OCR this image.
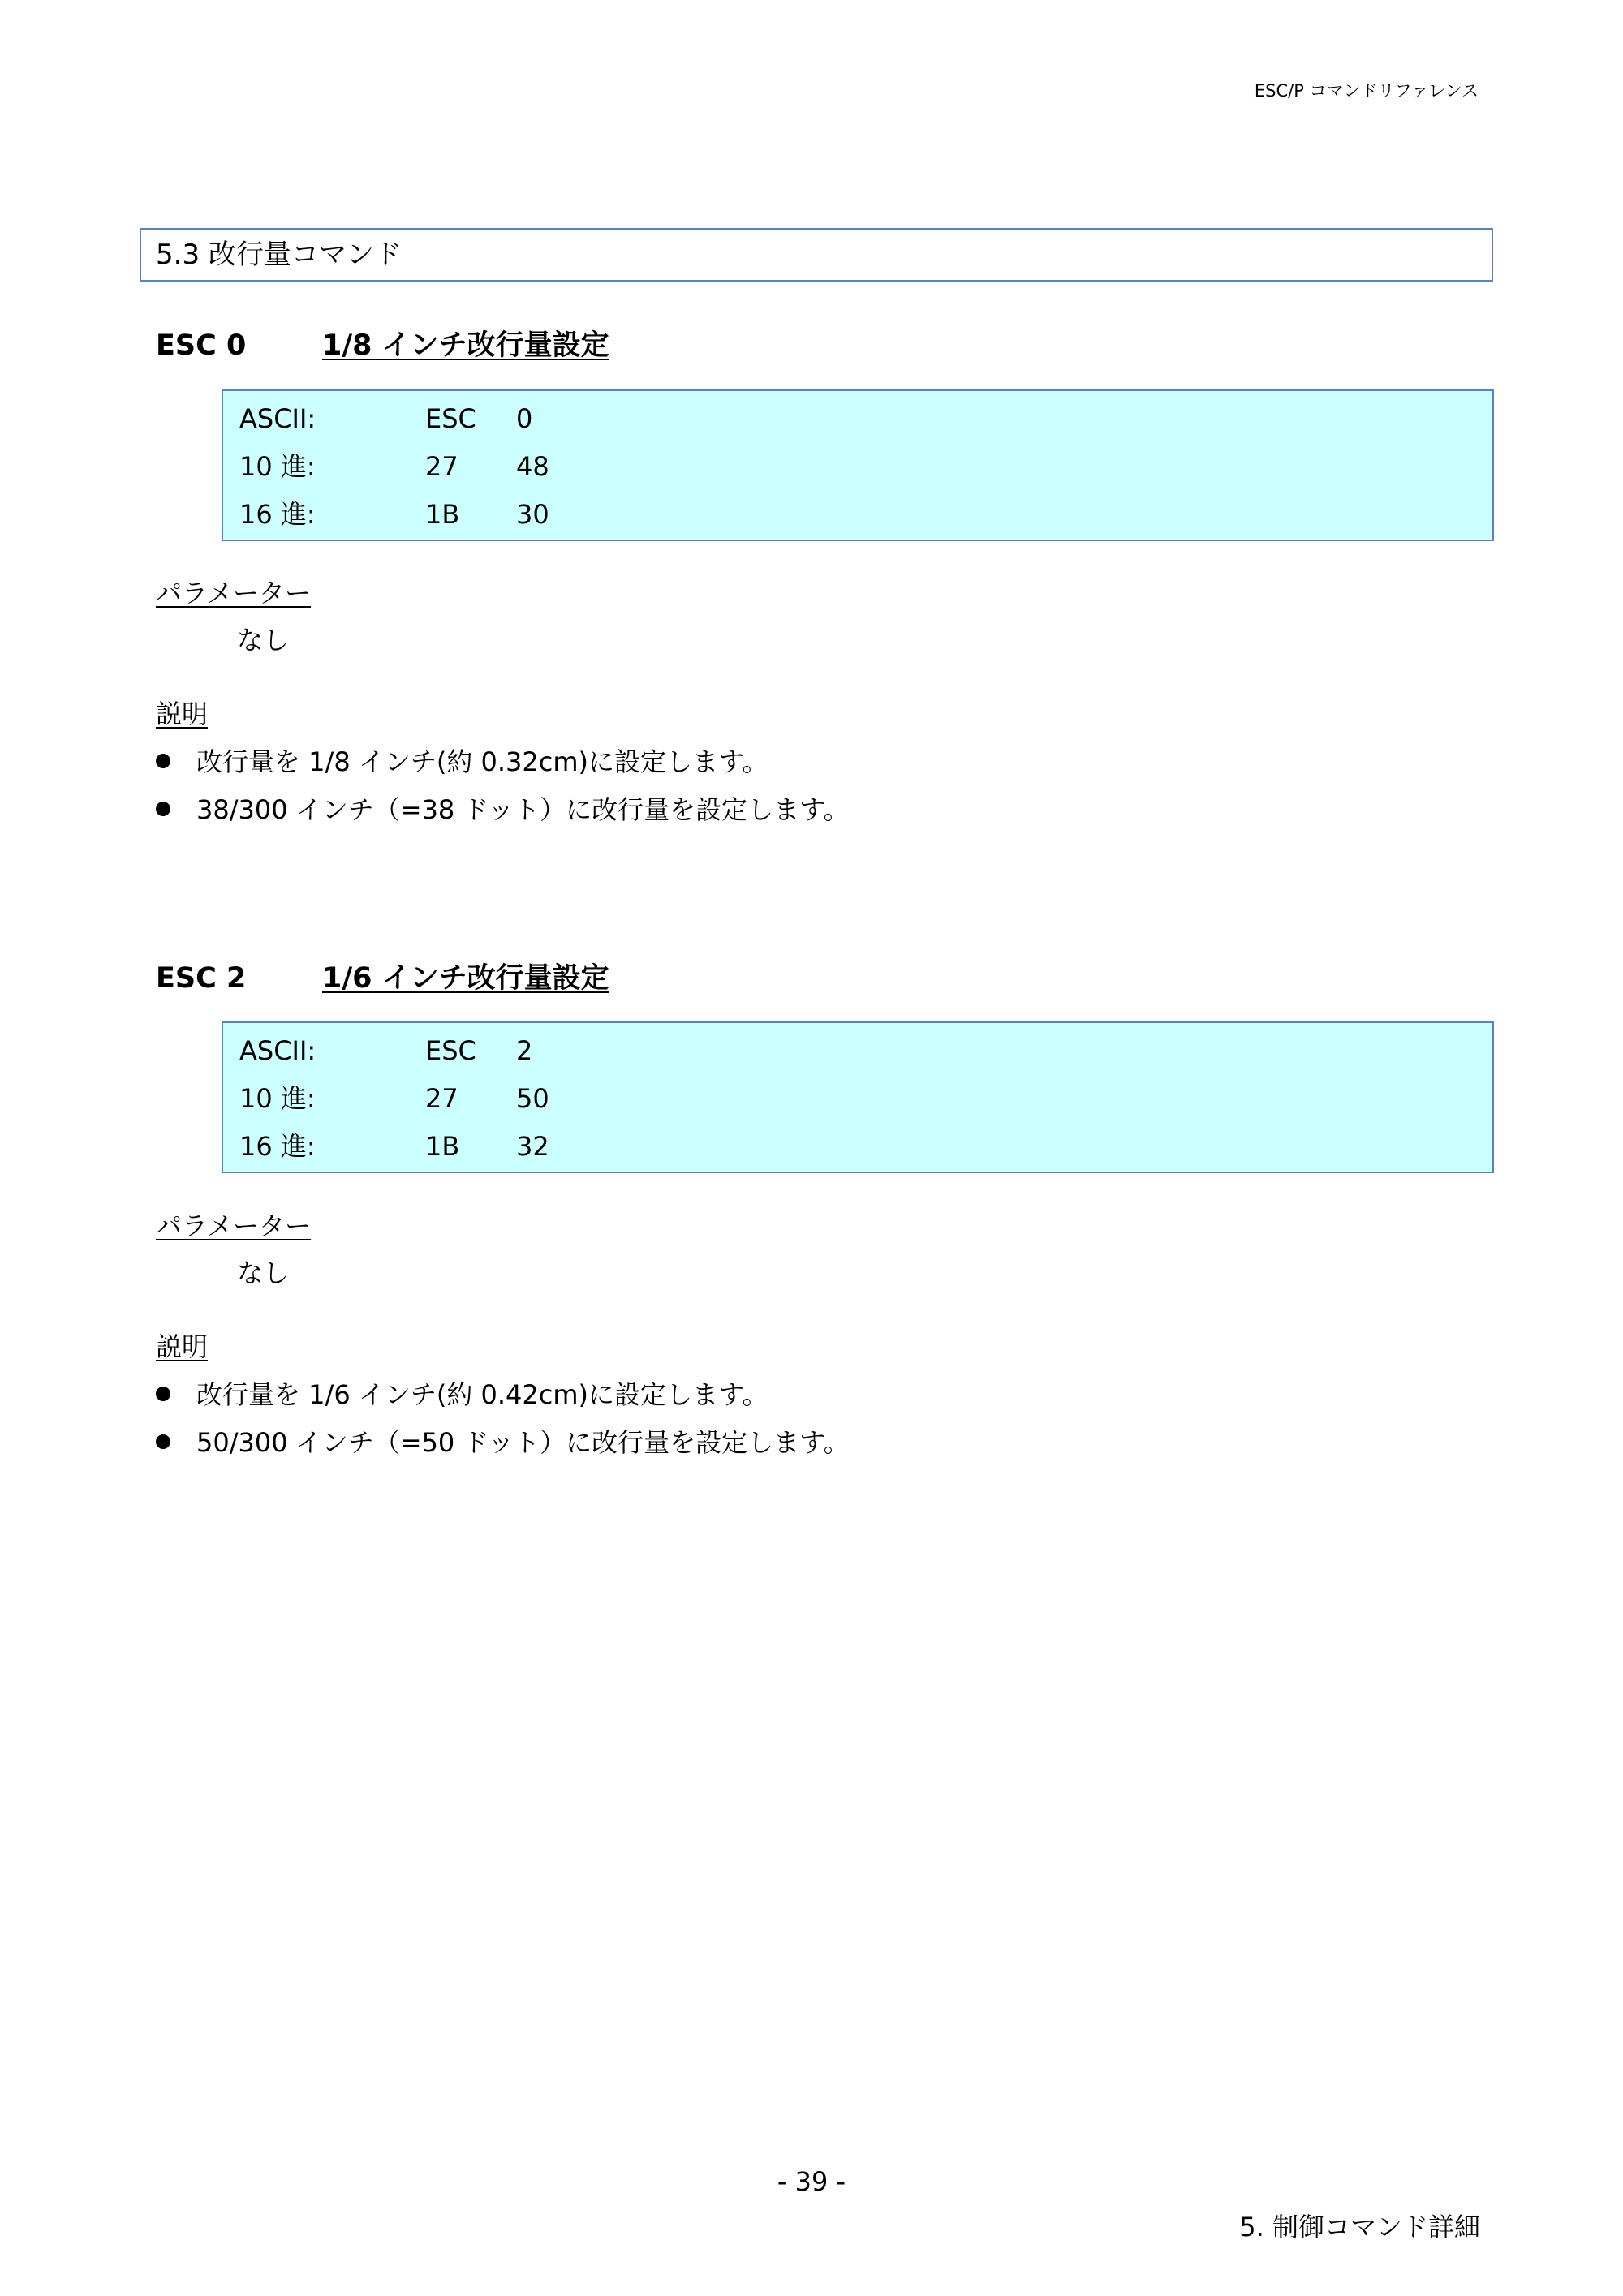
ESC/P コマンドリファレンス
5.3 改行量コマンド
ESC 0	1/8 インチ改行量設定
ASCII:	ESC 0
10 進:	27 48
16 進:	1B 30
パラメーター
なし
説明
改行量を 1/8 インチ(約 0.32cm)に設定します。
38/300 インチ（=38 ドット）に改行量を設定します。
ESC 2	1/6 インチ改行量設定
ASCII:	ESC 2
10 進:	27 50
16 進:	1B 32
パラメーター
なし
説明
改行量を 1/6 インチ(約 0.42cm)に設定します。
50/300 インチ（=50 ドット）に改行量を設定します。
- 39 -
5. 制御コマンド詳細
